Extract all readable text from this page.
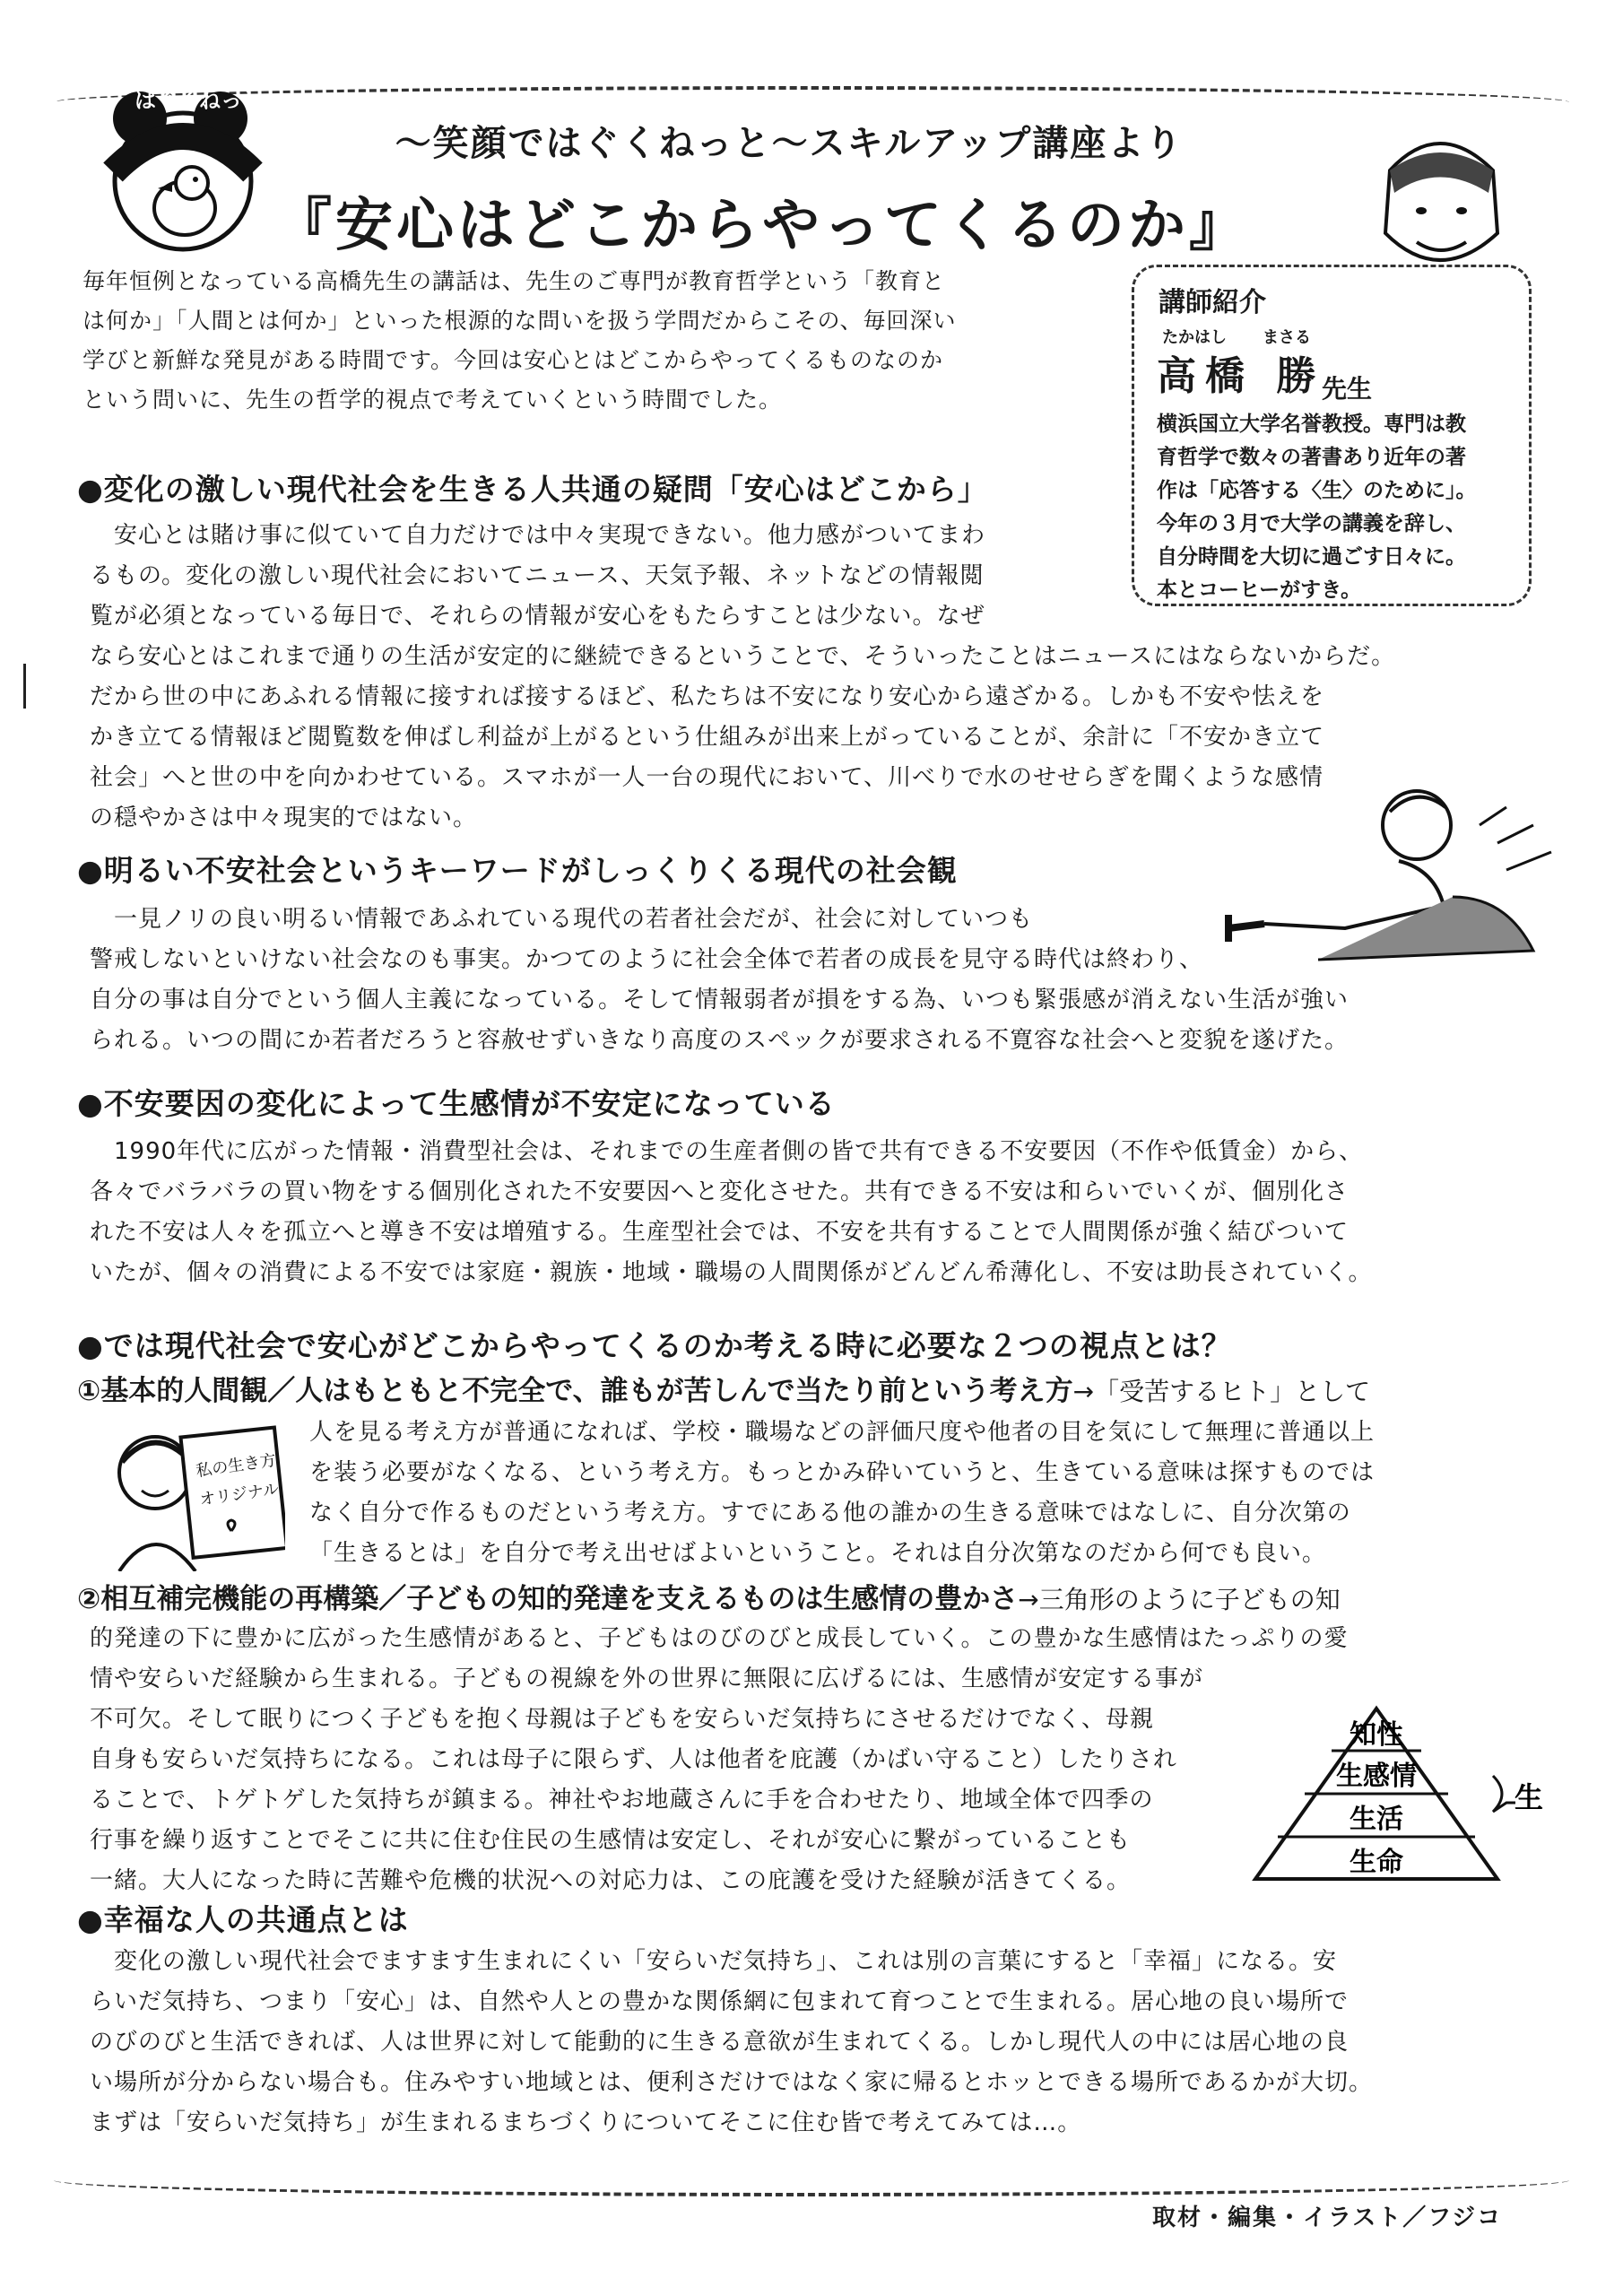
はぐくねっと
～笑顔ではぐくねっと～スキルアップ講座より
『安心はどこからやってくるのか』
講師紹介
たかはし まさる
高橋 勝
先生
横浜国立大学名誉教授。専門は教
育哲学で数々の著書あり近年の著
作は「応答する〈生〉のために」。
今年の３月で大学の講義を辞し、
自分時間を大切に過ごす日々に。
本とコーヒーがすき。
毎年恒例となっている高橋先生の講話は、先生のご専門が教育哲学という「教育と
は何か」「人間とは何か」といった根源的な問いを扱う学問だからこその、毎回深い
学びと新鮮な発見がある時間です。今回は安心とはどこからやってくるものなのか
という問いに、先生の哲学的視点で考えていくという時間でした。
●変化の激しい現代社会を生きる人共通の疑問「安心はどこから」
　安心とは賭け事に似ていて自力だけでは中々実現できない。他力感がついてまわ
るもの。変化の激しい現代社会においてニュース、天気予報、ネットなどの情報閲
覧が必須となっている毎日で、それらの情報が安心をもたらすことは少ない。なぜ
なら安心とはこれまで通りの生活が安定的に継続できるということで、そういったことはニュースにはならないからだ。
だから世の中にあふれる情報に接すれば接するほど、私たちは不安になり安心から遠ざかる。しかも不安や怯えを
かき立てる情報ほど閲覧数を伸ばし利益が上がるという仕組みが出来上がっていることが、余計に「不安かき立て
社会」へと世の中を向かわせている。スマホが一人一台の現代において、川べりで水のせせらぎを聞くような感情
の穏やかさは中々現実的ではない。
●明るい不安社会というキーワードがしっくりくる現代の社会観
　一見ノリの良い明るい情報であふれている現代の若者社会だが、社会に対していつも
警戒しないといけない社会なのも事実。かつてのように社会全体で若者の成長を見守る時代は終わり、
自分の事は自分でという個人主義になっている。そして情報弱者が損をする為、いつも緊張感が消えない生活が強い
られる。いつの間にか若者だろうと容赦せずいきなり高度のスペックが要求される不寛容な社会へと変貌を遂げた。
●不安要因の変化によって生感情が不安定になっている
　1990年代に広がった情報・消費型社会は、それまでの生産者側の皆で共有できる不安要因（不作や低賃金）から、
各々でバラバラの買い物をする個別化された不安要因へと変化させた。共有できる不安は和らいでいくが、個別化さ
れた不安は人々を孤立へと導き不安は増殖する。生産型社会では、不安を共有することで人間関係が強く結びついて
いたが、個々の消費による不安では家庭・親族・地域・職場の人間関係がどんどん希薄化し、不安は助長されていく。
●では現代社会で安心がどこからやってくるのか考える時に必要な２つの視点とは？
①基本的人間観／人はもともと不完全で、誰もが苦しんで当たり前という考え方→「受苦するヒト」として
私の生き方
オリジナル
人を見る考え方が普通になれば、学校・職場などの評価尺度や他者の目を気にして無理に普通以上
を装う必要がなくなる、という考え方。もっとかみ砕いていうと、生きている意味は探すものでは
なく自分で作るものだという考え方。すでにある他の誰かの生きる意味ではなしに、自分次第の
「生きるとは」を自分で考え出せばよいということ。それは自分次第なのだから何でも良い。
②相互補完機能の再構築／子どもの知的発達を支えるものは生感情の豊かさ→三角形のように子どもの知
的発達の下に豊かに広がった生感情があると、子どもはのびのびと成長していく。この豊かな生感情はたっぷりの愛
情や安らいだ経験から生まれる。子どもの視線を外の世界に無限に広げるには、生感情が安定する事が
不可欠。そして眠りにつく子どもを抱く母親は子どもを安らいだ気持ちにさせるだけでなく、母親
自身も安らいだ気持ちになる。これは母子に限らず、人は他者を庇護（かばい守ること）したりされ
ることで、トゲトゲした気持ちが鎮まる。神社やお地蔵さんに手を合わせたり、地域全体で四季の
行事を繰り返すことでそこに共に住む住民の生感情は安定し、それが安心に繋がっていることも
一緒。大人になった時に苦難や危機的状況への対応力は、この庇護を受けた経験が活きてくる。
知性
生感情
生活
生命
生
●幸福な人の共通点とは
　変化の激しい現代社会でますます生まれにくい「安らいだ気持ち」、これは別の言葉にすると「幸福」になる。安
らいだ気持ち、つまり「安心」は、自然や人との豊かな関係網に包まれて育つことで生まれる。居心地の良い場所で
のびのびと生活できれば、人は世界に対して能動的に生きる意欲が生まれてくる。しかし現代人の中には居心地の良
い場所が分からない場合も。住みやすい地域とは、便利さだけではなく家に帰るとホッとできる場所であるかが大切。
まずは「安らいだ気持ち」が生まれるまちづくりについてそこに住む皆で考えてみては…。
取材・編集・イラスト／フジコ
